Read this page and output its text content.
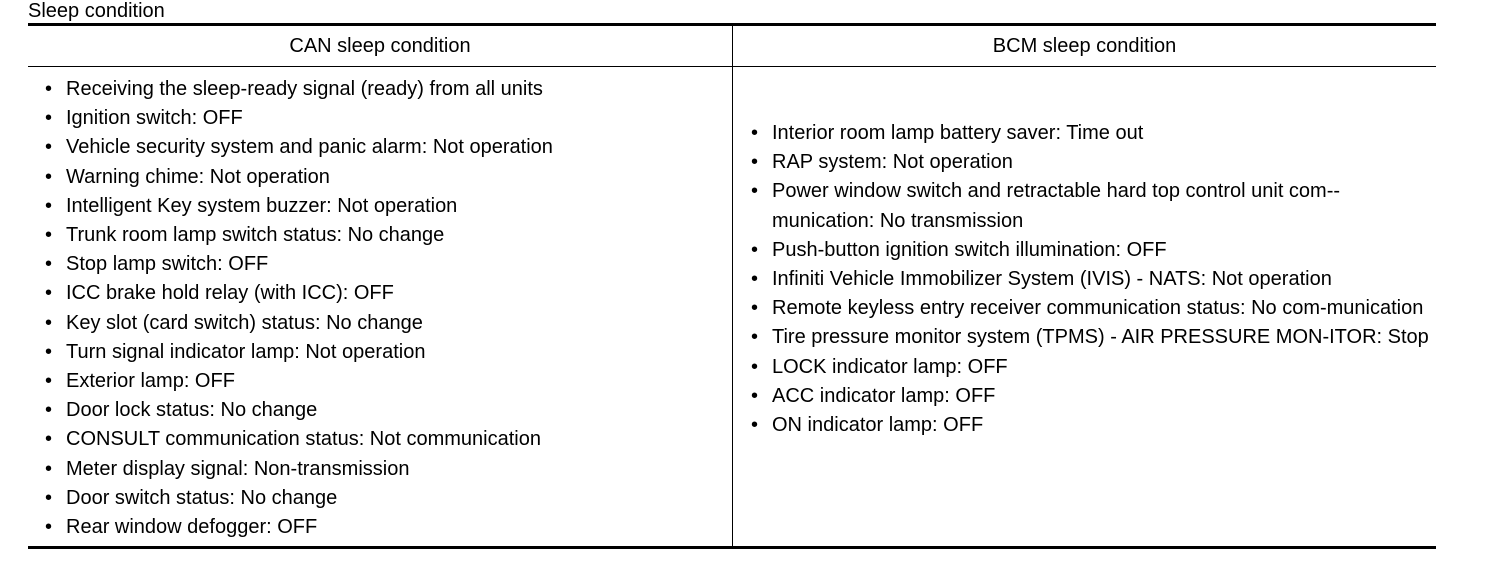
Sleep condition

CAN sleep condition	BCM sleep condition
• Receiving the sleep-ready signal (ready) from all units
• Ignition switch: OFF
• Vehicle security system and panic alarm: Not operation
• Warning chime: Not operation
• Intelligent Key system buzzer: Not operation
• Trunk room lamp switch status: No change
• Stop lamp switch: OFF
• ICC brake hold relay (with ICC): OFF
• Key slot (card switch) status: No change
• Turn signal indicator lamp: Not operation
• Exterior lamp: OFF
• Door lock status: No change
• CONSULT communication status: Not communication
• Meter display signal: Non-transmission
• Door switch status: No change
• Rear window defogger: OFF
• Interior room lamp battery saver: Time out
• RAP system: Not operation
• Power window switch and retractable hard top control unit com-munication: No transmission
• Push-button ignition switch illumination: OFF
• Infiniti Vehicle Immobilizer System (IVIS) - NATS: Not operation
• Remote keyless entry receiver communication status: No com-munication
• Tire pressure monitor system (TPMS) - AIR PRESSURE MON-ITOR: Stop
• LOCK indicator lamp: OFF
• ACC indicator lamp: OFF
• ON indicator lamp: OFF
